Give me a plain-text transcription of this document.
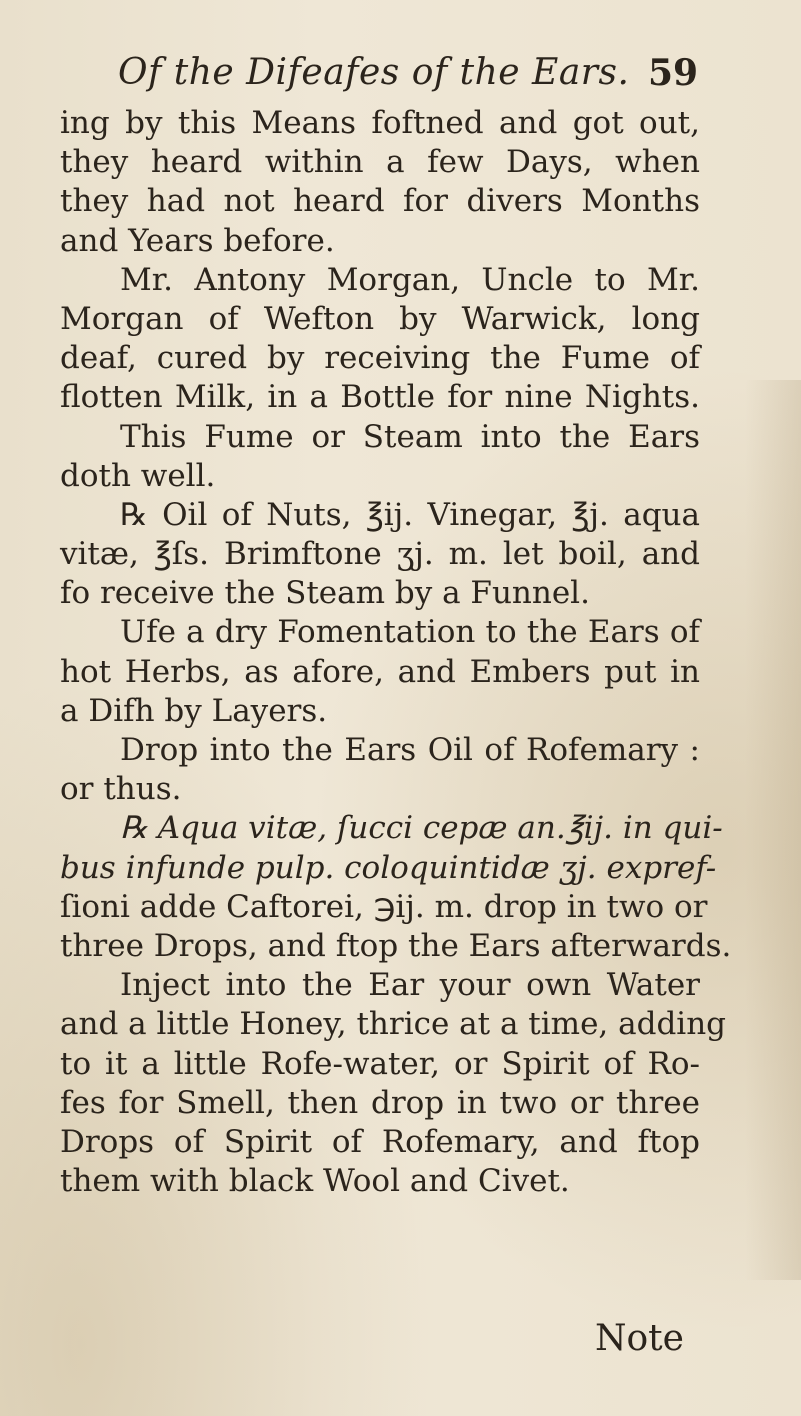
Of the Difeafes of the Ears. 59
ing by this Means foftned and got out,
they heard within a few Days, when
they had not heard for divers Months
and Years before.
Mr. Antony Morgan, Uncle to Mr.
Morgan of Wefton by Warwick, long
deaf, cured by receiving the Fume of
flotten Milk, in a Bottle for nine Nights.
This Fume or Steam into the Ears
doth well.
℞ Oil of Nuts, ℥ij. Vinegar, ℥j. aqua
vitæ, ℥ſs. Brimftone ʒj. m. let boil, and
fo receive the Steam by a Funnel.
Ufe a dry Fomentation to the Ears of
hot Herbs, as afore, and Embers put in
a Difh by Layers.
Drop into the Ears Oil of Rofemary :
or thus.
℞ Aqua vitæ, ſucci cepæ an.℥ij. in qui-
bus infunde pulp. coloquintidæ ʒj. expref-
ſioni adde Caftorei, ℈ij. m. drop in two or
three Drops, and ftop the Ears afterwards.
Inject into the Ear your own Water
and a little Honey, thrice at a time, adding
to it a little Rofe-water, or Spirit of Ro-
fes for Smell, then drop in two or three
Drops of Spirit of Rofemary, and ftop
them with black Wool and Civet.
Note
